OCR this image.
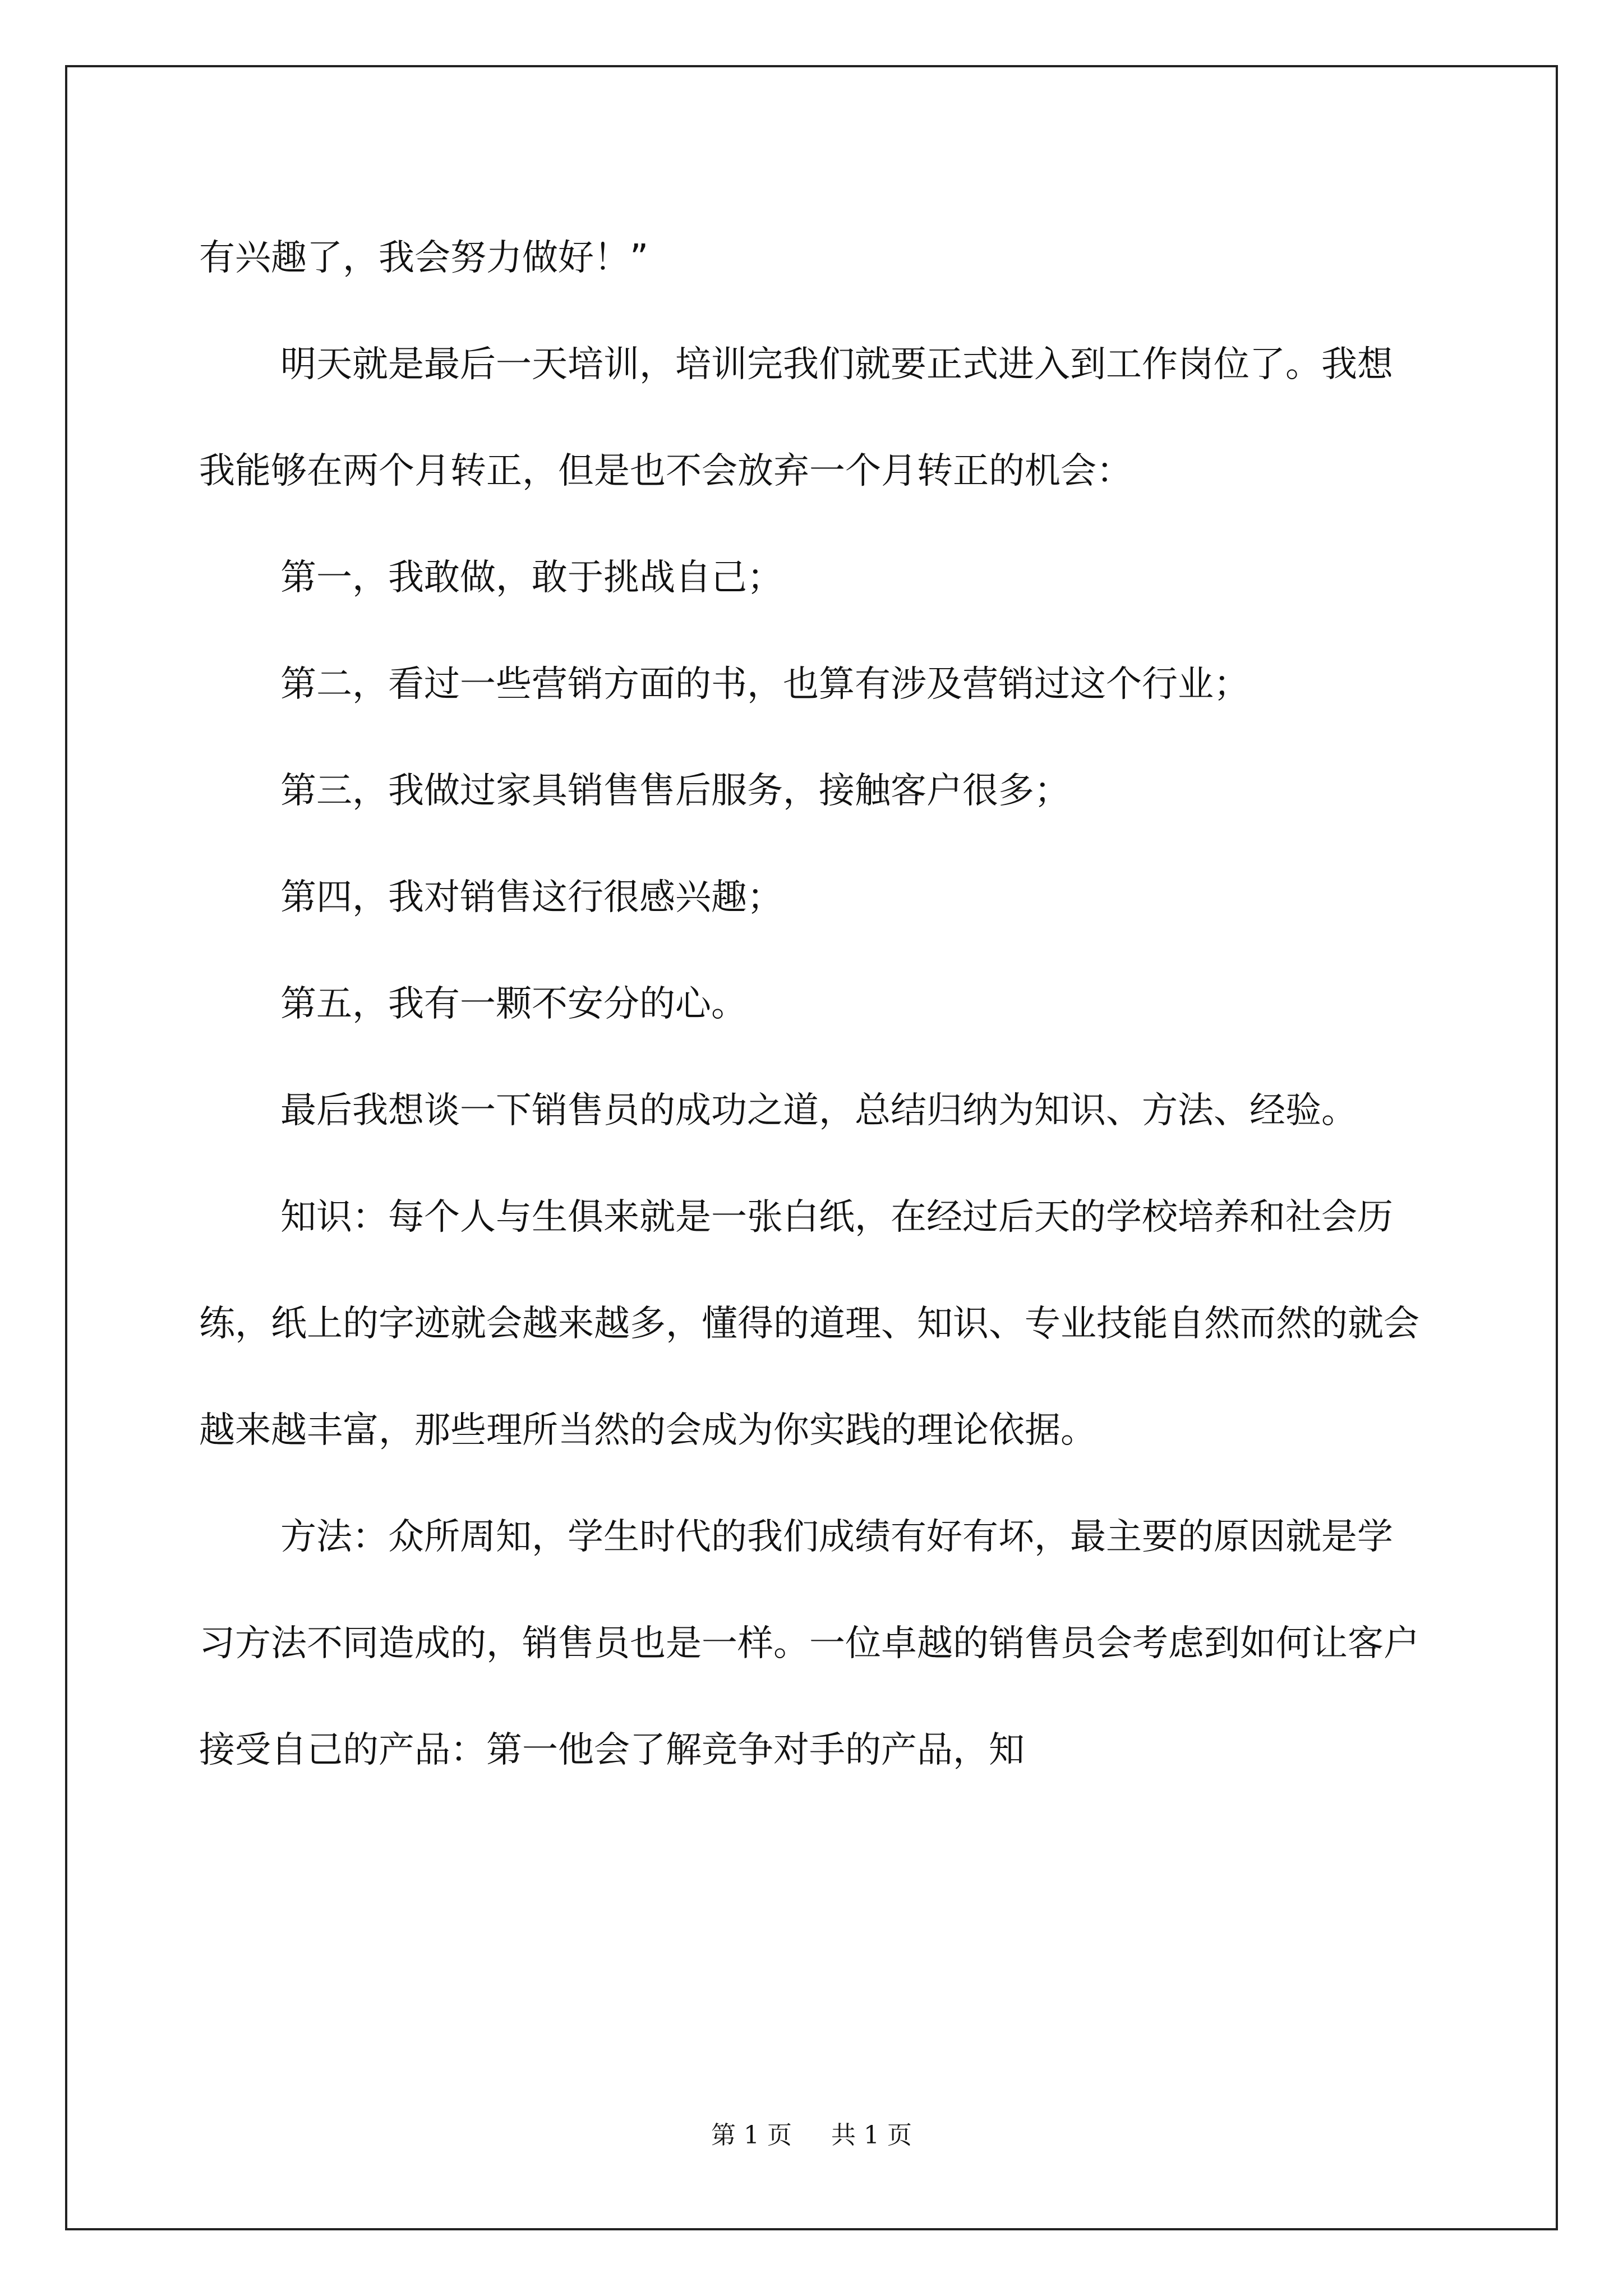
有兴趣了，我会努力做好！”

明天就是最后一天培训，培训完我们就要正式进入到工作岗位了。我想我能够在两个月转正，但是也不会放弃一个月转正的机会：

第一，我敢做，敢于挑战自己；

第二，看过一些营销方面的书，也算有涉及营销过这个行业；

第三，我做过家具销售售后服务，接触客户很多；

第四，我对销售这行很感兴趣；

第五，我有一颗不安分的心。

最后我想谈一下销售员的成功之道，总结归纳为知识、方法、经验。

知识：每个人与生俱来就是一张白纸，在经过后天的学校培养和社会历练，纸上的字迹就会越来越多，懂得的道理、知识、专业技能自然而然的就会越来越丰富，那些理所当然的会成为你实践的理论依据。

方法：众所周知，学生时代的我们成绩有好有坏，最主要的原因就是学习方法不同造成的，销售员也是一样。一位卓越的销售员会考虑到如何让客户接受自己的产品：第一他会了解竞争对手的产品，知

第 1 页 共 1 页
